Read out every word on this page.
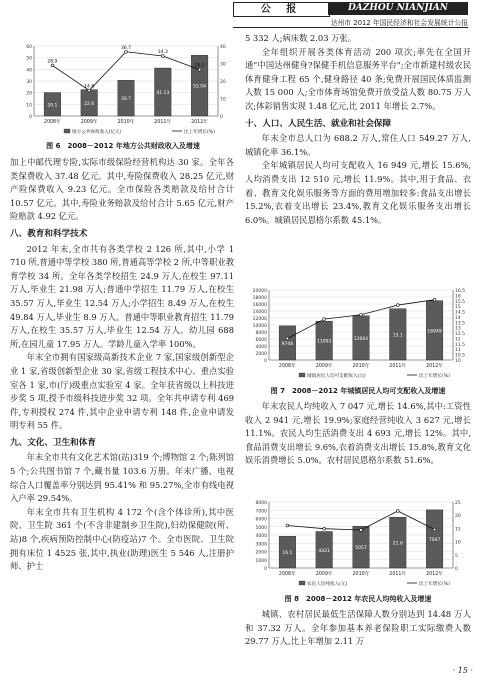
公 报	DAZHOU NIANJIAN
达州市 2012 年国民经济和社会发展统计公报
0
10
20
30
40
50
60
0
10
20
30
40
2008年
20.1
2009年
22.6
2010年
30.7
2011年
41.13
2012年
52.04
28.9
14.6
36.7
34.3
26.5
地方公共财政收入(亿元)	比上年增长(%)
图 6　2008－2012 年地方公共财政收入及增速

加上中邮代理专险,实际市级保险经营机构达 30 家。全年各类保费收入 37.48 亿元。其中,寿险保费收入 28.25 亿元,财产险保费收入 9.23 亿元。全市保险各类赔款及给付合计 10.57 亿元。其中,寿险业务赔款及给付合计 5.65 亿元,财产险赔款 4.92 亿元。

八、教育和科学技术

2012 年末,全市共有各类学校 2 126 所,其中,小学 1 710 所,普通中等学校 380 所,普通高等学校 2 所,中等职业教育学校 34 所。全年各类学校招生 24.9 万人,在校生 97.11 万人,毕业生 21.98 万人;普通中学招生 11.79 万人,在校生 35.57 万人,毕业生 12.54 万人;小学招生 8.49 万人,在校生 49.84 万人,毕业生 8.9 万人。普通中等职业教育招生 11.79 万人,在校生 35.57 万人,毕业生 12.54 万人。幼儿园 688 所,在园儿童 17.95 万人。学龄儿童入学率 100%。

年末全市拥有国家级高新技术企业 7 家,国家级创新型企业 1 家,省级创新型企业 30 家,省级工程技术中心、重点实验室各 1 家,市(厅)级重点实验室 4 家。全年获省级以上科技进步奖 5 项,授予市级科技进步奖 32 项。全年共申请专利 469 件,专利授权 274 件,其中企业申请专利 148 件,企业申请发明专利 55 件。

九、文化、卫生和体育

年末全市共有文化艺术馆(站)319 个;博物馆 2 个;陈列馆 5 个;公共图书馆 7 个,藏书量 103.6 万册。年末广播、电视综合人口覆盖率分别达到 95.41% 和 95.27%,全市有线电视入户率 29.54%。

年末全市共有卫生机构 4 172 个(含个体诊所),其中医院、卫生院 361 个(不含非建制乡卫生院),妇幼保健院(所、站)8 个,疾病预防控制中心(防疫站)7 个。全市医院、卫生院拥有床位 1 4525 张,其中,执业(助理)医生 5 546 人,注册护师、护士

5 332 人;病床数 2.03 万张。

全年组织开展各类体育活动 200 项次;率先在全国开通"中国达州健身?保健手机信息服务平台";全市新建村级农民体育健身工程 65 个,健身路径 40 条;免费开展国民体质监测人数 15 000 人;全市体育场馆免费开放受益人数 80.75 万人次;体彩销售实现 1.48 亿元,比 2011 年增长 2.7%。

十、人口、人民生活、就业和社会保障

年末全市总人口为 688.2 万人,常住人口 549.27 万人,城镇化率 36.1%。

全年城镇居民人均可支配收入 16 949 元,增长 15.6%,人均消费支出 12 510 元,增长 11.9%。其中,用于食品、衣着、教育文化娱乐服务等方面的费用增加较多:食品支出增长 15.2%,衣着支出增长 23.4%,教育文化娱乐服务支出增长 6.0%。城镇居民恩格尔系数 45.1%。

0
2000
4000
6000
8000
10000
12000
14000
16000
18000
20000
10
10.5
11
11.5
12
12.5
13
13.5
14
14.5
15
15.5
16
16.5
2008年
9748
2009年
11093
2010年
12664
2011年
15.1
2012年
16949
城镇居民人均可支配收入(元)	比上年增长(%)
图 7　2008－2012 年城镇居民人均可支配收入及增速

年末农民人均纯收入 7 047 元,增长 14.6%,其中:工资性收入 2 941 元,增长 19.9%;家庭经营纯收入 3 627 元,增长 11.1%。农民人均生活消费支出 4 693 元,增长 12%。其中,食品消费支出增长 9.6%,衣着消费支出增长 15.8%,教育文化娱乐消费增长 5.0%。农村居民恩格尔系数 51.6%。

0
1000
2000
3000
4000
5000
6000
7000
8000
0
5
10
15
20
25
2008年
16.1
2009年
4421
2010年
5057
2011年
21.6
2012年
7047
农民人均纯收入(元)	比上年增长(%)
图 8　2008－2012 年农民人均纯收入及增速

城镇、农村居民最低生活保障人数分别达到 14.48 万人和 37.32 万人。全年参加基本养老保险职工实际缴费人数 29.77 万人,比上年增加 2.11 万

· 15 ·
